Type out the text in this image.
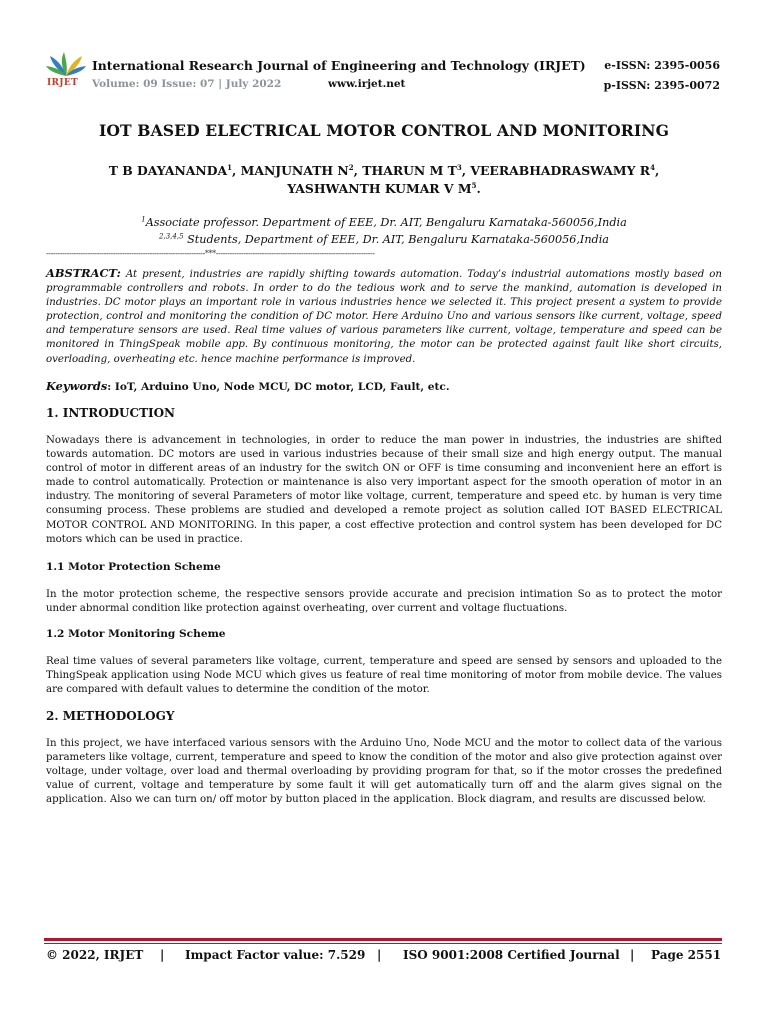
IRJET
International Research Journal of Engineering and Technology (IRJET)
Volume: 09 Issue: 07 | July 2022	www.irjet.net
e-ISSN: 2395-0056
p-ISSN: 2395-0072
IOT BASED ELECTRICAL MOTOR CONTROL AND MONITORING
T B DAYANANDA$^1$, MANJUNATH $N^2$, THARUN M $T^3$, VEERABHADRASWAMY $R^4$, YASHWANTH KUMAR V $M^5$.
$^1$Associate professor. Department of EEE, Dr. AIT, Bengaluru Karnataka-560056,India
$^{2,3,4,5}$ Students, Department of EEE, Dr. AIT, Bengaluru Karnataka-560056,India
---------------------------------------------------------------------***---------------------------------------------------------------------
ABSTRACT: At present, industries are rapidly shifting towards automation. Today’s industrial automations mostly based on programmable controllers and robots. In order to do the tedious work and to serve the mankind, automation is developed in industries. DC motor plays an important role in various industries hence we selected it. This project present a system to provide protection, control and monitoring the condition of DC motor. Here Arduino Uno and various sensors like current, voltage, speed and temperature sensors are used. Real time values of various parameters like current, voltage, temperature and speed can be monitored in ThingSpeak mobile app. By continuous monitoring, the motor can be protected against fault like short circuits, overloading, overheating etc. hence machine performance is improved.
Keywords: IoT, Arduino Uno, Node MCU, DC motor, LCD, Fault, etc.
1. INTRODUCTION
Nowadays there is advancement in technologies, in order to reduce the man power in industries, the industries are shifted towards automation. DC motors are used in various industries because of their small size and high energy output. The manual control of motor in different areas of an industry for the switch ON or OFF is time consuming and inconvenient here an effort is made to control automatically. Protection or maintenance is also very important aspect for the smooth operation of motor in an industry. The monitoring of several Parameters of motor like voltage, current, temperature and speed etc. by human is very time consuming process. These problems are studied and developed a remote project as solution called IOT BASED ELECTRICAL MOTOR CONTROL AND MONITORING. In this paper, a cost effective protection and control system has been developed for DC motors which can be used in practice.
1.1 Motor Protection Scheme
In the motor protection scheme, the respective sensors provide accurate and precision intimation So as to protect the motor under abnormal condition like protection against overheating, over current and voltage fluctuations.
1.2 Motor Monitoring Scheme
Real time values of several parameters like voltage, current, temperature and speed are sensed by sensors and uploaded to the ThingSpeak application using Node MCU which gives us feature of real time monitoring of motor from mobile device. The values are compared with default values to determine the condition of the motor.
2. METHODOLOGY
In this project, we have interfaced various sensors with the Arduino Uno, Node MCU and the motor to collect data of the various parameters like voltage, current, temperature and speed to know the condition of the motor and also give protection against over voltage, under voltage, over load and thermal overloading by providing program for that, so if the motor crosses the predefined value of current, voltage and temperature by some fault it will get automatically turn off and the alarm gives signal on the application. Also we can turn on/ off motor by button placed in the application. Block diagram, and results are discussed below.
© 2022, IRJET | Impact Factor value: 7.529 | ISO 9001:2008 Certified Journal | Page 2551
